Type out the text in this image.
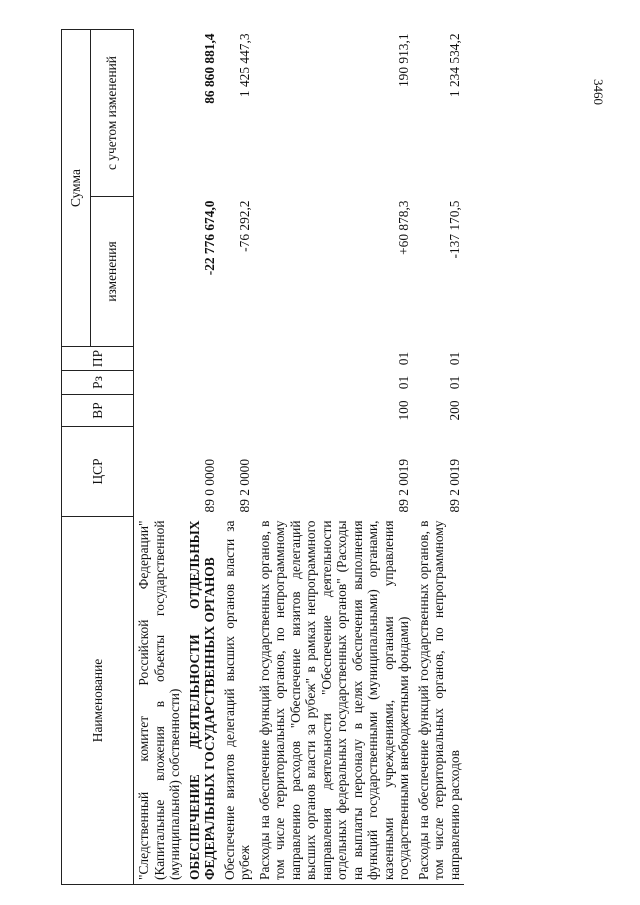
3460
Наименование	ЦСР	ВР	Рз	ПР	Сумма	
					изменения	с учетом изменений
"Следственный комитет Российской Федерации" (Капитальные вложения в объекты государственной (муниципальной) собственности)						
ОБЕСПЕЧЕНИЕ ДЕЯТЕЛЬНОСТИ ОТДЕЛЬНЫХ ФЕДЕРАЛЬНЫХ ГОСУДАРСТВЕННЫХ ОРГАНОВ	89 0 0000				-22 776 674,0	86 860 881,4
Обеспечение визитов делегаций высших органов власти за рубеж	89 2 0000				-76 292,2	1 425 447,3
Расходы на обеспечение функций государственных органов, в том числе территориальных органов, по непрограммному направлению расходов "Обеспечение визитов делегаций высших органов власти за рубеж" в рамках непрограммного направления деятельности "Обеспечение деятельности отдельных федеральных государственных органов" (Расходы на выплаты персоналу в целях обеспечения выполнения функций государственными (муниципальными) органами, казенными учреждениями, органами управления государственными внебюджетными фондами)	89 2 0019	100	01	01	+60 878,3	190 913,1
Расходы на обеспечение функций государственных органов, в том числе территориальных органов, по непрограммному направлению расходов	89 2 0019	200	01	01	-137 170,5	1 234 534,2
